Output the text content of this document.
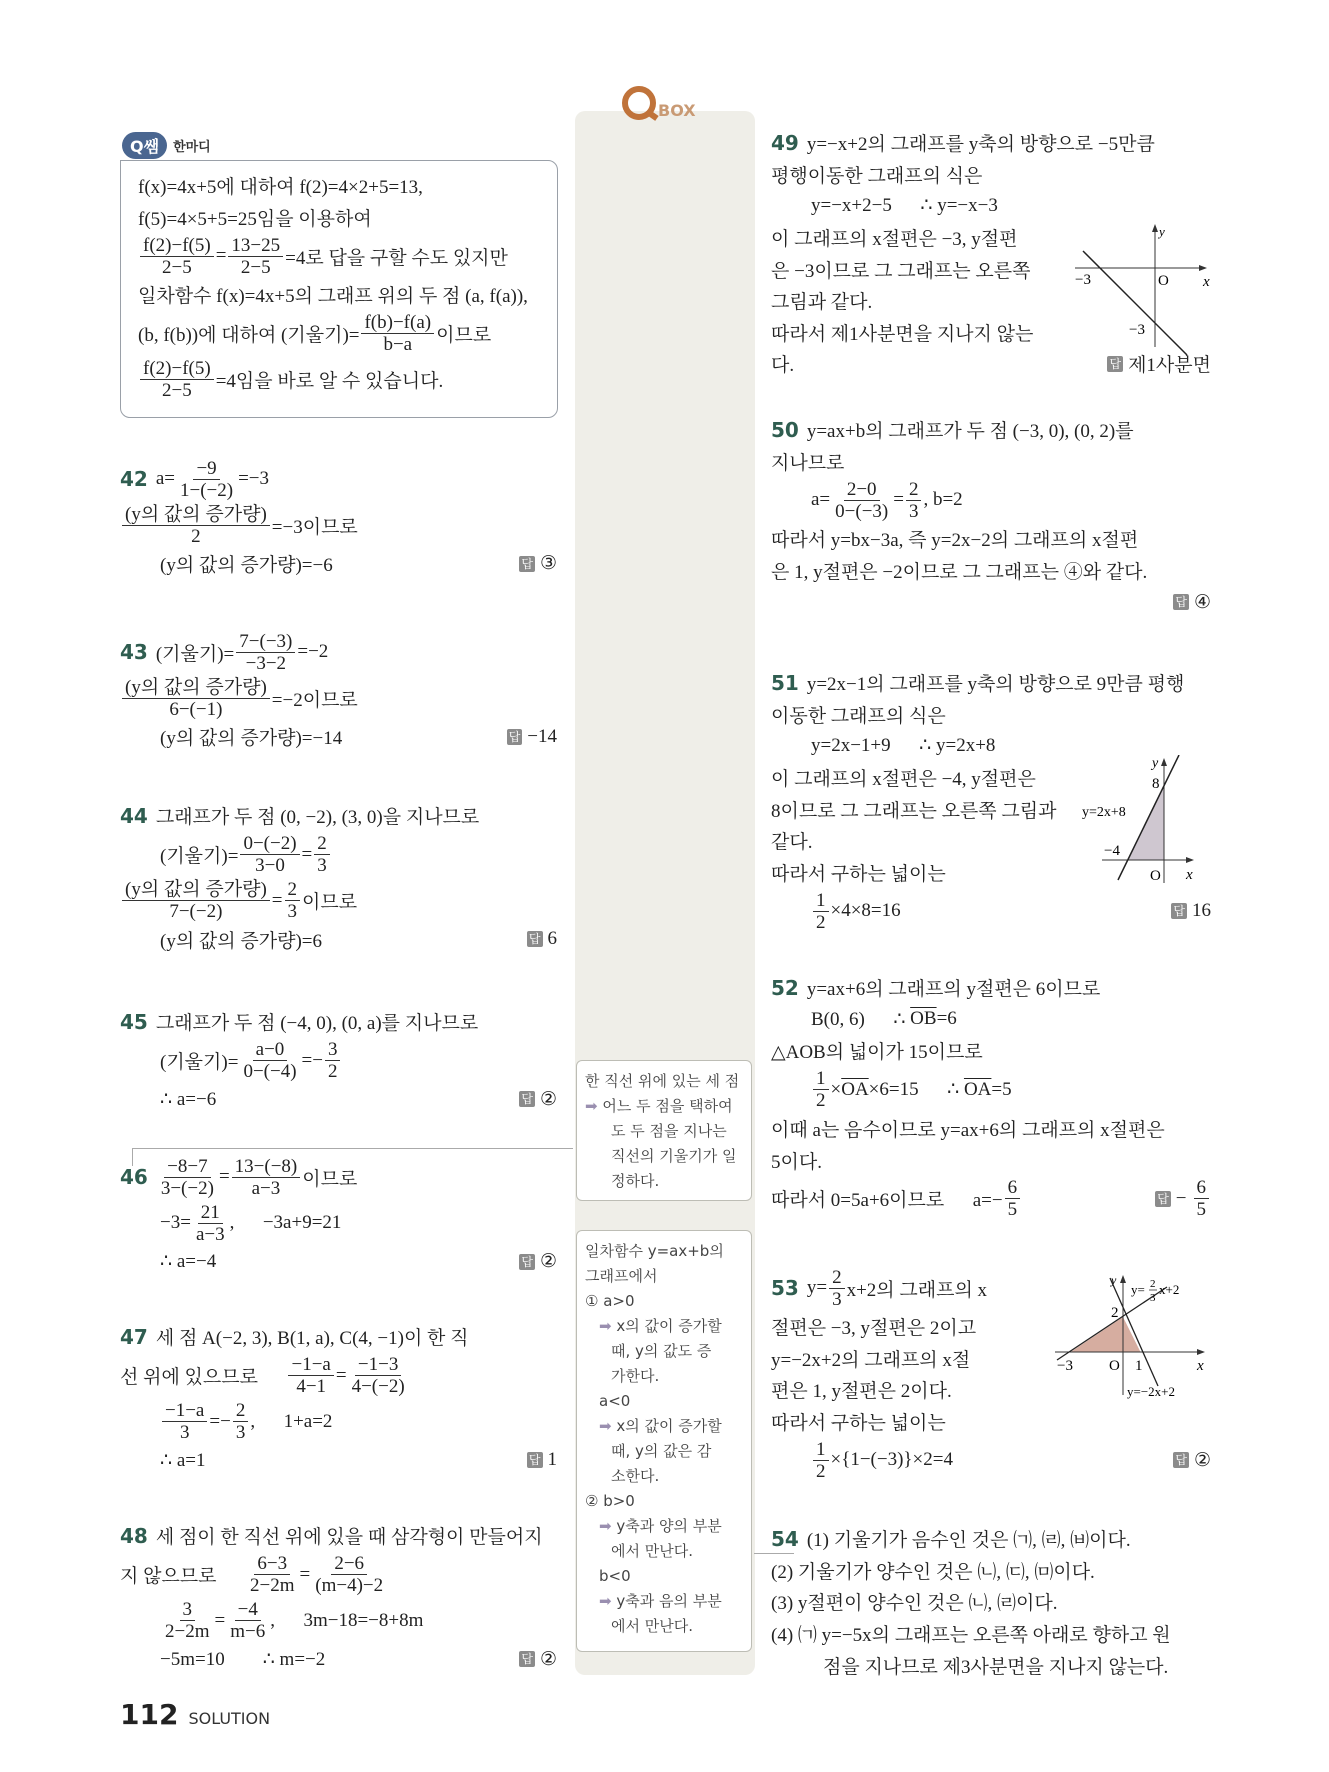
BOX
한 직선 위에 있는 세 점
➡ 어느 두 점을 택하여
도 두 점을 지나는
직선의 기울기가 일
정하다.
일차함수 y=ax+b의
그래프에서
① a>0
➡ x의 값이 증가할
때, y의 값도 증
가한다.
a<0
➡ x의 값이 증가할
때, y의 값은 감
소한다.
② b>0
➡ y축과 양의 부분
에서 만난다.
b<0
➡ y축과 음의 부분
에서 만난다.
Q쌤	한마디
f(x)=4x+5에 대하여 f(2)=4×2+5=13,
f(5)=4×5+5=25임을 이용하여
$\frac{f(2)-f(5)}{2-5} = \frac{13-25}{2-5} =4$로 답을 구할 수도 있지만
일차함수 f(x)=4x+5의 그래프 위의 두 점 (a, f(a)),
(b, f(b))에 대하여 (기울기)= $\frac{f(b)-f(a)}{b-a}$ 이므로
$\frac{f(2)-f(5)}{2-5} =4$임을 바로 알 수 있습니다.
42 $a= \frac{-9}{1-(-2)} =-3$
$\frac{\text{(y의 값의 증가량)}}{2} =-3$이므로
(y의 값의 증가량)=−6	답 ③
43 (기울기)= $\frac{7-(-3)}{-3-2} =-2$
$\frac{\text{(y의 값의 증가량)}}{6-(-1)} =-2$이므로
(y의 값의 증가량)=−14	답 −14
44 그래프가 두 점 (0, −2), (3, 0)을 지나므로
(기울기)= $\frac{0-(-2)}{3-0} = \frac{2}{3}$
$\frac{\text{(y의 값의 증가량)}}{7-(-2)} = \frac{2}{3}$ 이므로
(y의 값의 증가량)=6	답 6
45 그래프가 두 점 (−4, 0), (0, a)를 지나므로
(기울기)= $\frac{a-0}{0-(-4)} =- \frac{3}{2}$
∴ a=−6	답 ②
$46 \frac{-8-7}{3-(-2)} = \frac{13-(-8)}{a-3}$ 이므로
$-3= \frac{21}{a-3}$ ,      −3a+9=21
∴ a=−4	답 ②
47 세 점 A(−2, 3), B(1, a), C(4, −1)이 한 직
선 위에 있으므로 $\frac{-1-a}{4-1} = \frac{-1-3}{4-(-2)}$
$\frac{-1-a}{3} =- \frac{2}{3}$ ,      1+a=2
∴ a=1	답 1
48 세 점이 한 직선 위에 있을 때 삼각형이 만들어지
지 않으므로 $\frac{6-3}{2-2m} = \frac{2-6}{(m-4)-2}$
$\frac{3}{2-2m} = \frac{-4}{m-6}$ ,      3m−18=−8+8m
−5m=10        ∴ m=−2	답 ②
49 y=−x+2의 그래프를 y축의 방향으로 −5만큼
평행이동한 그래프의 식은
y=−x+2−5      ∴ y=−x−3
이 그래프의 x절편은 −3, y절편
은 −3이므로 그 그래프는 오른쪽
그림과 같다.
따라서 제1사분면을 지나지 않는
다.	답 제1사분면
50 y=ax+b의 그래프가 두 점 (−3, 0), (0, 2)를
지나므로
$a= \frac{2-0}{0-(-3)} = \frac{2}{3}$ , b=2
따라서 y=bx−3a, 즉 y=2x−2의 그래프의 x절편
은 1, y절편은 −2이므로 그 그래프는 ④와 같다.
답 ④
51 y=2x−1의 그래프를 y축의 방향으로 9만큼 평행
이동한 그래프의 식은
y=2x−1+9      ∴ y=2x+8
이 그래프의 x절편은 −4, y절편은
8이므로 그 그래프는 오른쪽 그림과
같다.
따라서 구하는 넓이는
$\frac{1}{2} \times 4\times 8=16$	답 16
52 y=ax+6의 그래프의 y절편은 6이므로
B(0, 6)      ∴ $\overline{OB} =6$
△AOB의 넓이가 15이므로
$\frac{1}{2} \times \overline{OA} \times 6=15$      ∴ $\overline{OA} =5$
이때 a는 음수이므로 y=ax+6의 그래프의 x절편은
5이다.
따라서 0=5a+6이므로      $a=- \frac{6}{5}$	답 − $\frac{6}{5}$
53 $y= \frac{2}{3} x+2$의 그래프의 x
절편은 −3, y절편은 2이고
y=−2x+2의 그래프의 x절
편은 1, y절편은 2이다.
따라서 구하는 넓이는
$\frac{1}{2} \times\{1-(-3)\}\times 2=4$	답 ②
54 (1) 기울기가 음수인 것은 ㈀, ㈃, ㈅이다.
(2) 기울기가 양수인 것은 ㈁, ㈂, ㈄이다.
(3) y절편이 양수인 것은 ㈁, ㈃이다.
(4) ㈀ y=−5x의 그래프는 오른쪽 아래로 향하고 원
점을 지나므로 제3사분면을 지나지 않는다.
y
x
O
−3
−3
y
x
O
−4
8
y=2x+8
y
x
O
−3	1
2
y= 2
3
x+2
y=−2x+2
112 SOLUTION
